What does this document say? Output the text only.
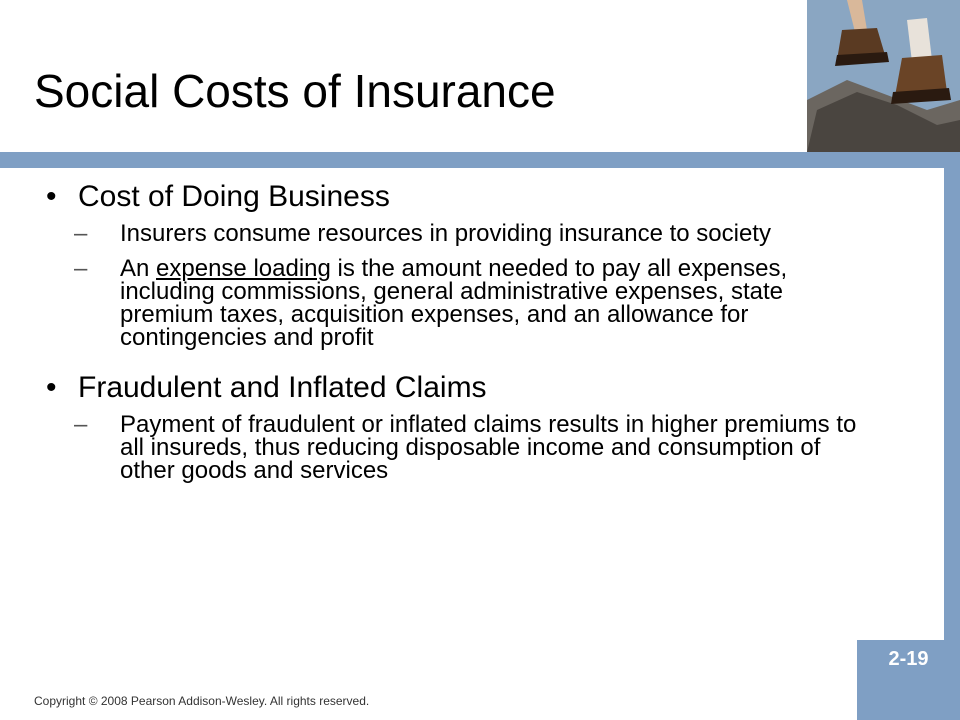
Social Costs of Insurance
2-19
• Cost of Doing Business
–	Insurers consume resources in providing insurance to society
–	An expense loading is the amount needed to pay all expenses, including commissions, general administrative expenses, state premium taxes, acquisition expenses, and an allowance for contingencies and profit
• Fraudulent and Inflated Claims
–	Payment of fraudulent or inflated claims results in higher premiums to all insureds, thus reducing disposable income and consumption of other goods and services
Copyright © 2008 Pearson Addison-Wesley. All rights reserved.
